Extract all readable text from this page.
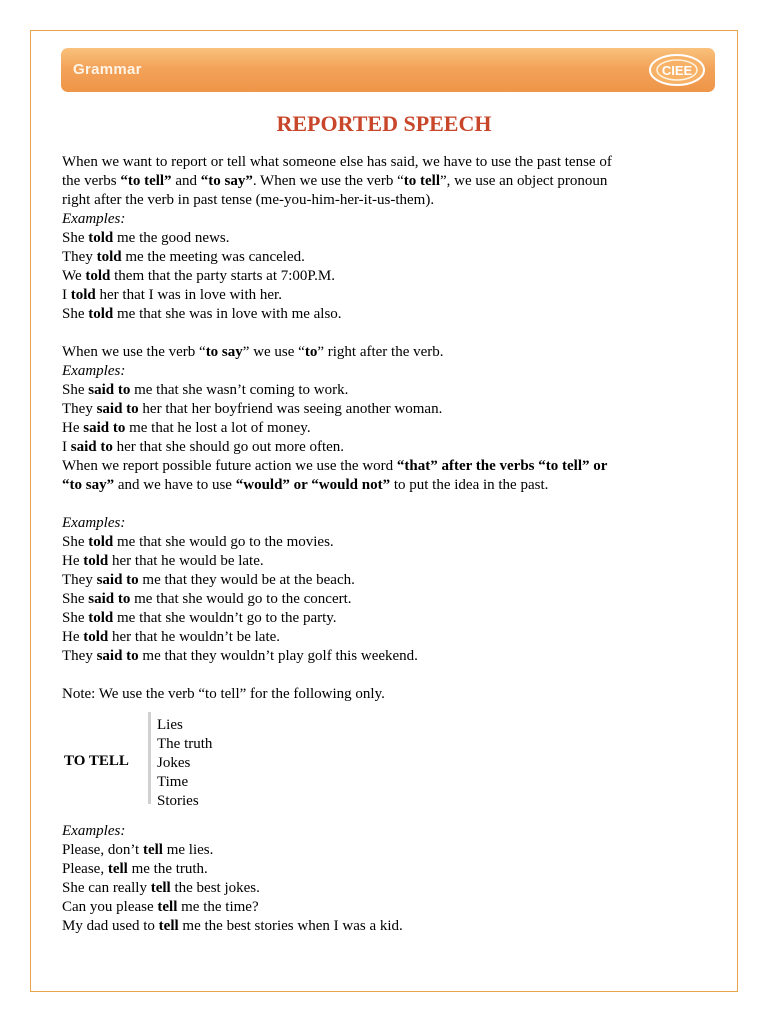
Grammar	CIEE
REPORTED SPEECH
When we want to report or tell what someone else has said, we have to use the past tense of
the verbs “to tell” and “to say”. When we use the verb “to tell”, we use an object pronoun
right after the verb in past tense (me-you-him-her-it-us-them).
Examples:
She told me the good news.
They told me the meeting was canceled.
We told them that the party starts at 7:00P.M.
I told her that I was in love with her.
She told me that she was in love with me also.
When we use the verb “to say” we use “to” right after the verb.
Examples:
She said to me that she wasn’t coming to work.
They said to her that her boyfriend was seeing another woman.
He said to me that he lost a lot of money.
I said to her that she should go out more often.
When we report possible future action we use the word “that” after the verbs “to tell” or
“to say” and we have to use “would” or “would not” to put the idea in the past.
Examples:
She told me that she would go to the movies.
He told her that he would be late.
They said to me that they would be at the beach.
She said to me that she would go to the concert.
She told me that she wouldn’t go to the party.
He told her that he wouldn’t be late.
They said to me that they wouldn’t play golf this weekend.
Note: We use the verb “to tell” for the following only.
TO TELL
Lies
The truth
Jokes
Time
Stories
Examples:
Please, don’t tell me lies.
Please, tell me the truth.
She can really tell the best jokes.
Can you please tell me the time?
My dad used to tell me the best stories when I was a kid.
